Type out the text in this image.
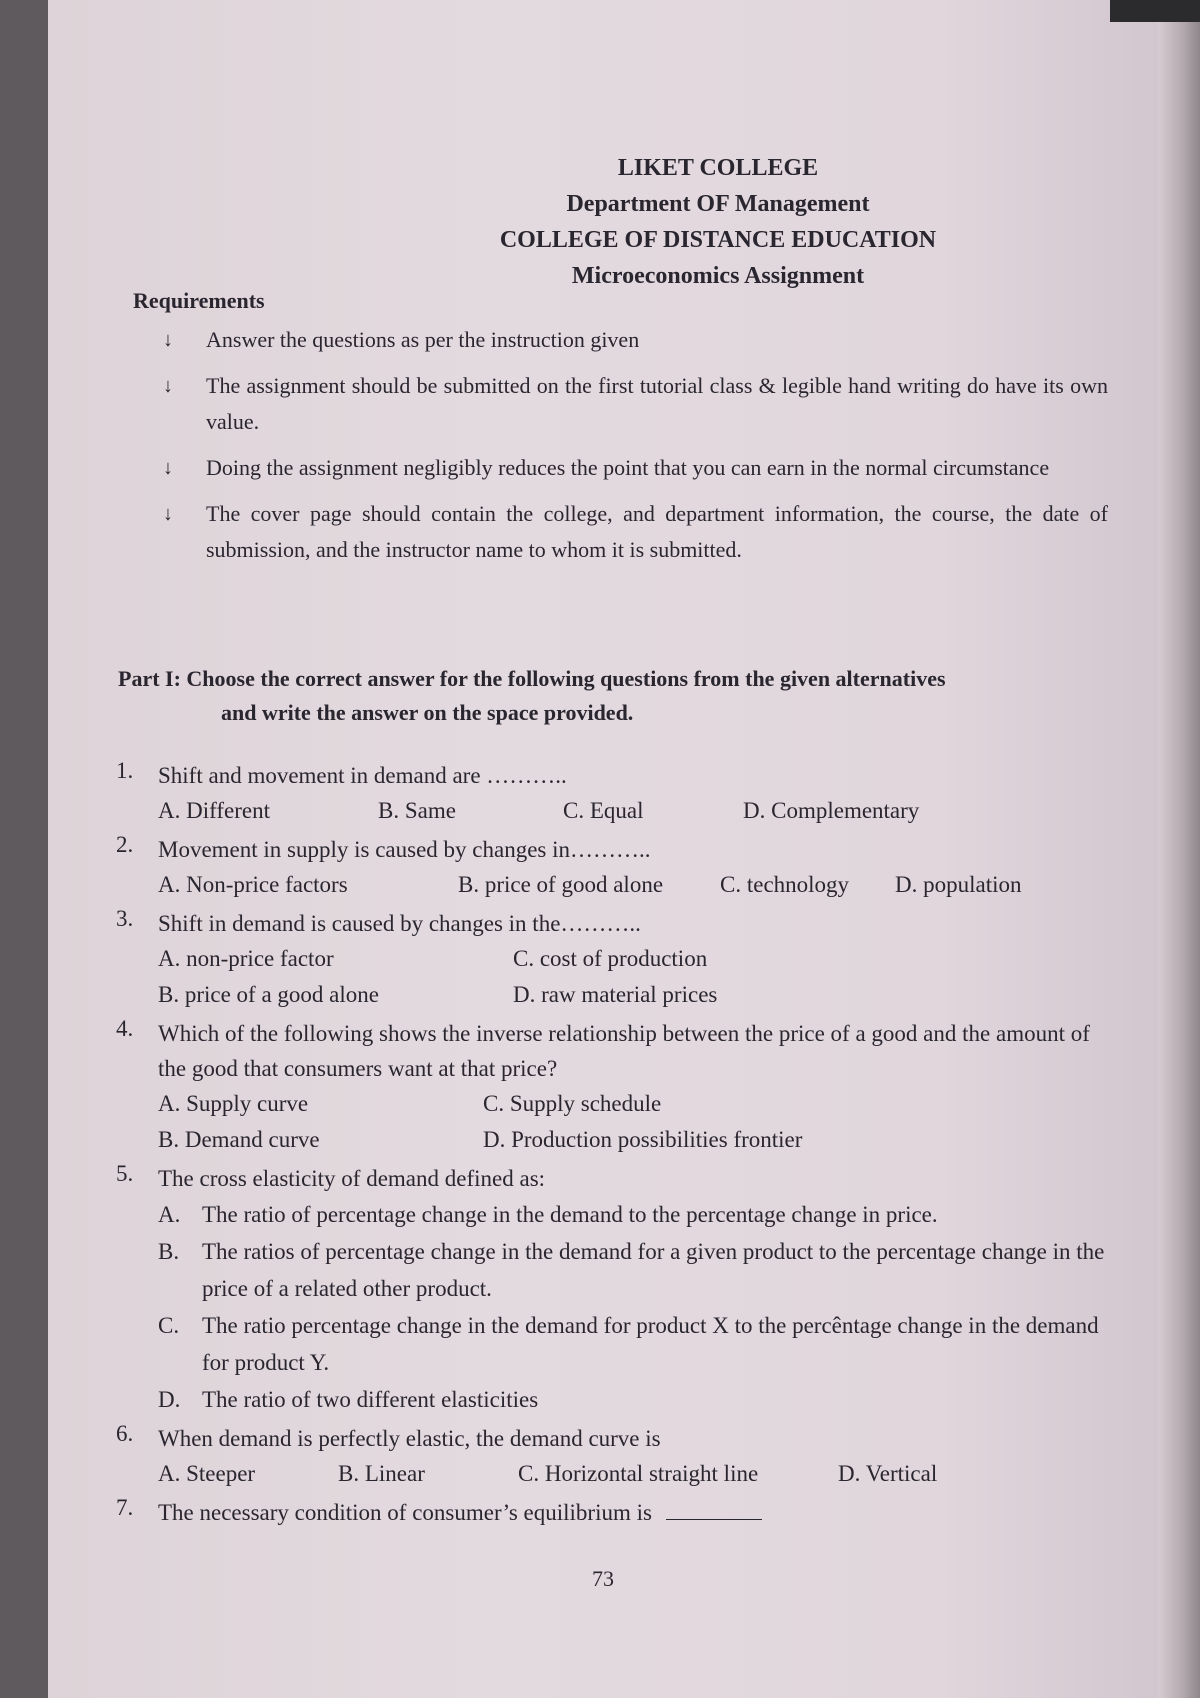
LIKET COLLEGE
Department OF Management
COLLEGE OF DISTANCE EDUCATION
Microeconomics Assignment
Requirements
↓ Answer the questions as per the instruction given
↓ The assignment should be submitted on the first tutorial class & legible hand writing do have its own value.
↓ Doing the assignment negligibly reduces the point that you can earn in the normal circumstance
↓ The cover page should contain the college, and department information, the course, the date of submission, and the instructor name to whom it is submitted.
Part I: Choose the correct answer for the following questions from the given alternatives
and write the answer on the space provided.
1. Shift and movement in demand are ………..
A. Different	B. Same	C. Equal	D. Complementary
2. Movement in supply is caused by changes in………..
A. Non-price factors	B. price of good alone	C. technology	D. population
3. Shift in demand is caused by changes in the………..
A. non-price factor	C. cost of production
B. price of a good alone	D. raw material prices
4. Which of the following shows the inverse relationship between the price of a good and the amount of the good that consumers want at that price?
A. Supply curve	C. Supply schedule
B. Demand curve	D. Production possibilities frontier
5. The cross elasticity of demand defined as:
A. The ratio of percentage change in the demand to the percentage change in price.
B. The ratios of percentage change in the demand for a given product to the percentage change in the price of a related other product.
C. The ratio percentage change in the demand for product X to the percêntage change in the demand for product Y.
D. The ratio of two different elasticities
6. When demand is perfectly elastic, the demand curve is
A. Steeper	B. Linear	C. Horizontal straight line	D. Vertical
7. The necessary condition of consumer’s equilibrium is
73
